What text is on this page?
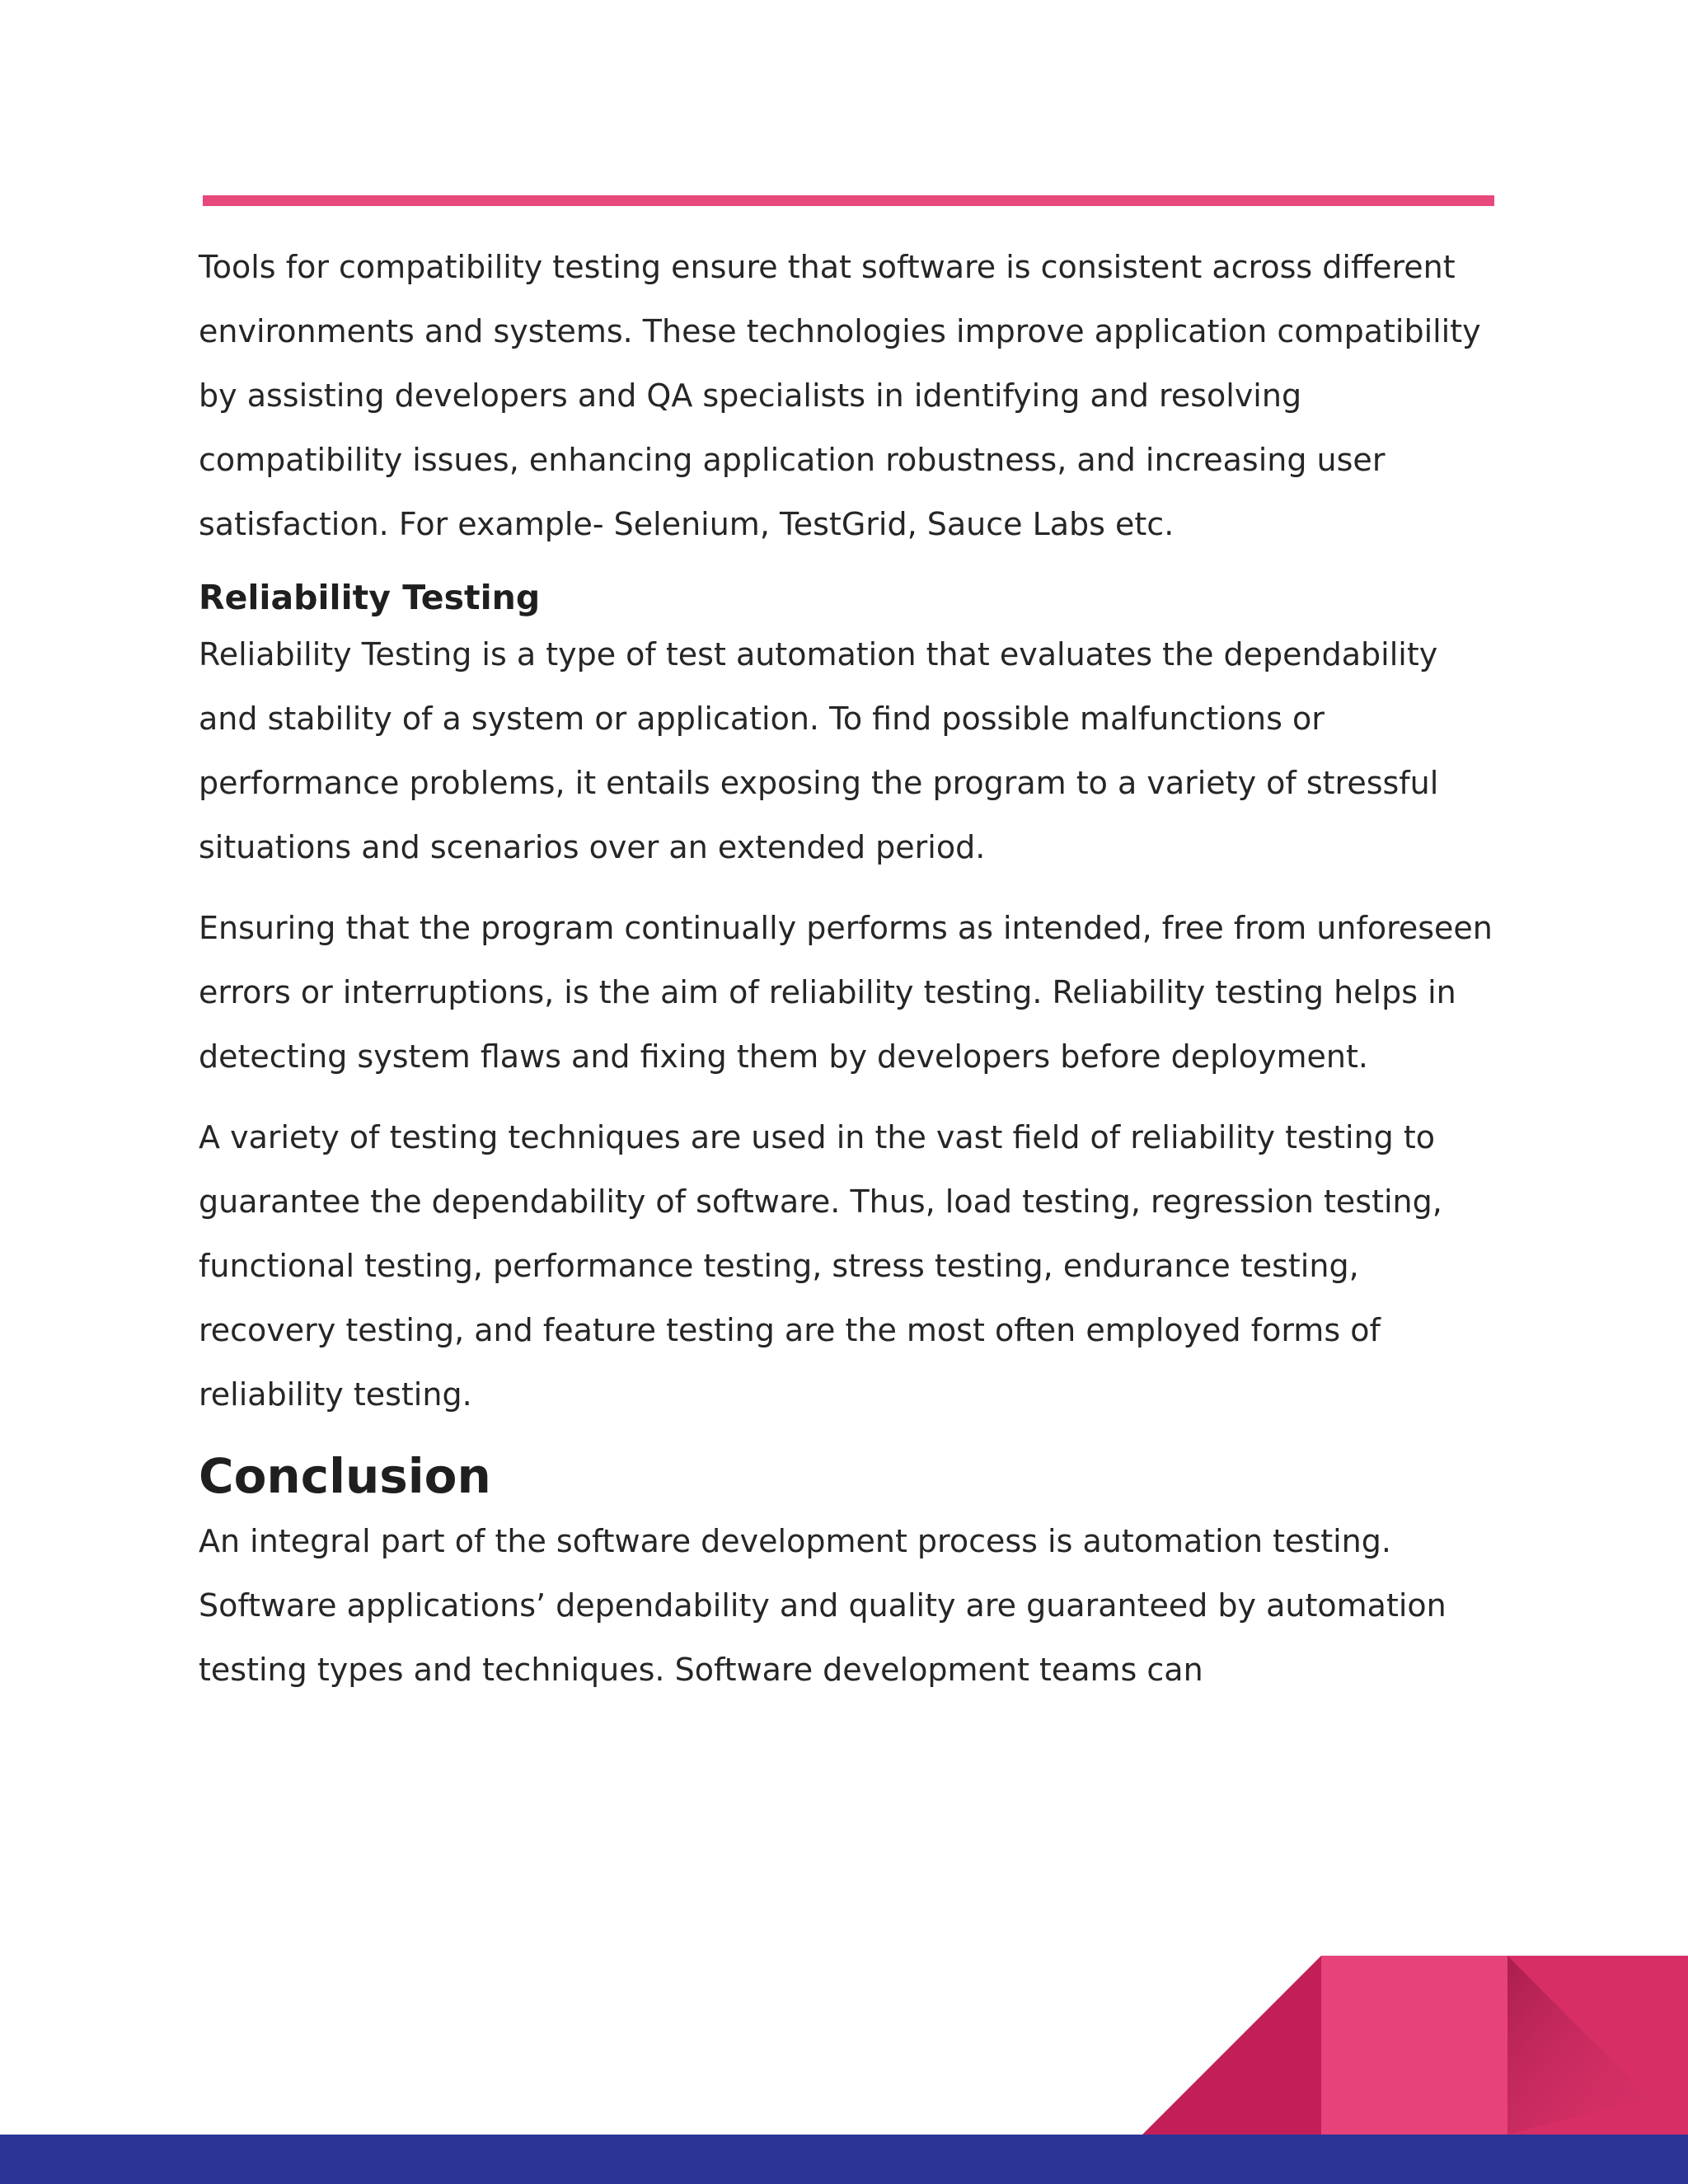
Tools for compatibility testing ensure that software is consistent across different environments and systems. These technologies improve application compatibility by assisting developers and QA specialists in identifying and resolving compatibility issues, enhancing application robustness, and increasing user satisfaction. For example- Selenium, TestGrid, Sauce Labs etc.

Reliability Testing

Reliability Testing is a type of test automation that evaluates the dependability and stability of a system or application. To find possible malfunctions or performance problems, it entails exposing the program to a variety of stressful situations and scenarios over an extended period.

Ensuring that the program continually performs as intended, free from unforeseen errors or interruptions, is the aim of reliability testing. Reliability testing helps in detecting system flaws and fixing them by developers before deployment.

A variety of testing techniques are used in the vast field of reliability testing to guarantee the dependability of software. Thus, load testing, regression testing, functional testing, performance testing, stress testing, endurance testing, recovery testing, and feature testing are the most often employed forms of reliability testing.

Conclusion

An integral part of the software development process is automation testing. Software applications’ dependability and quality are guaranteed by automation testing types and techniques. Software development teams can
